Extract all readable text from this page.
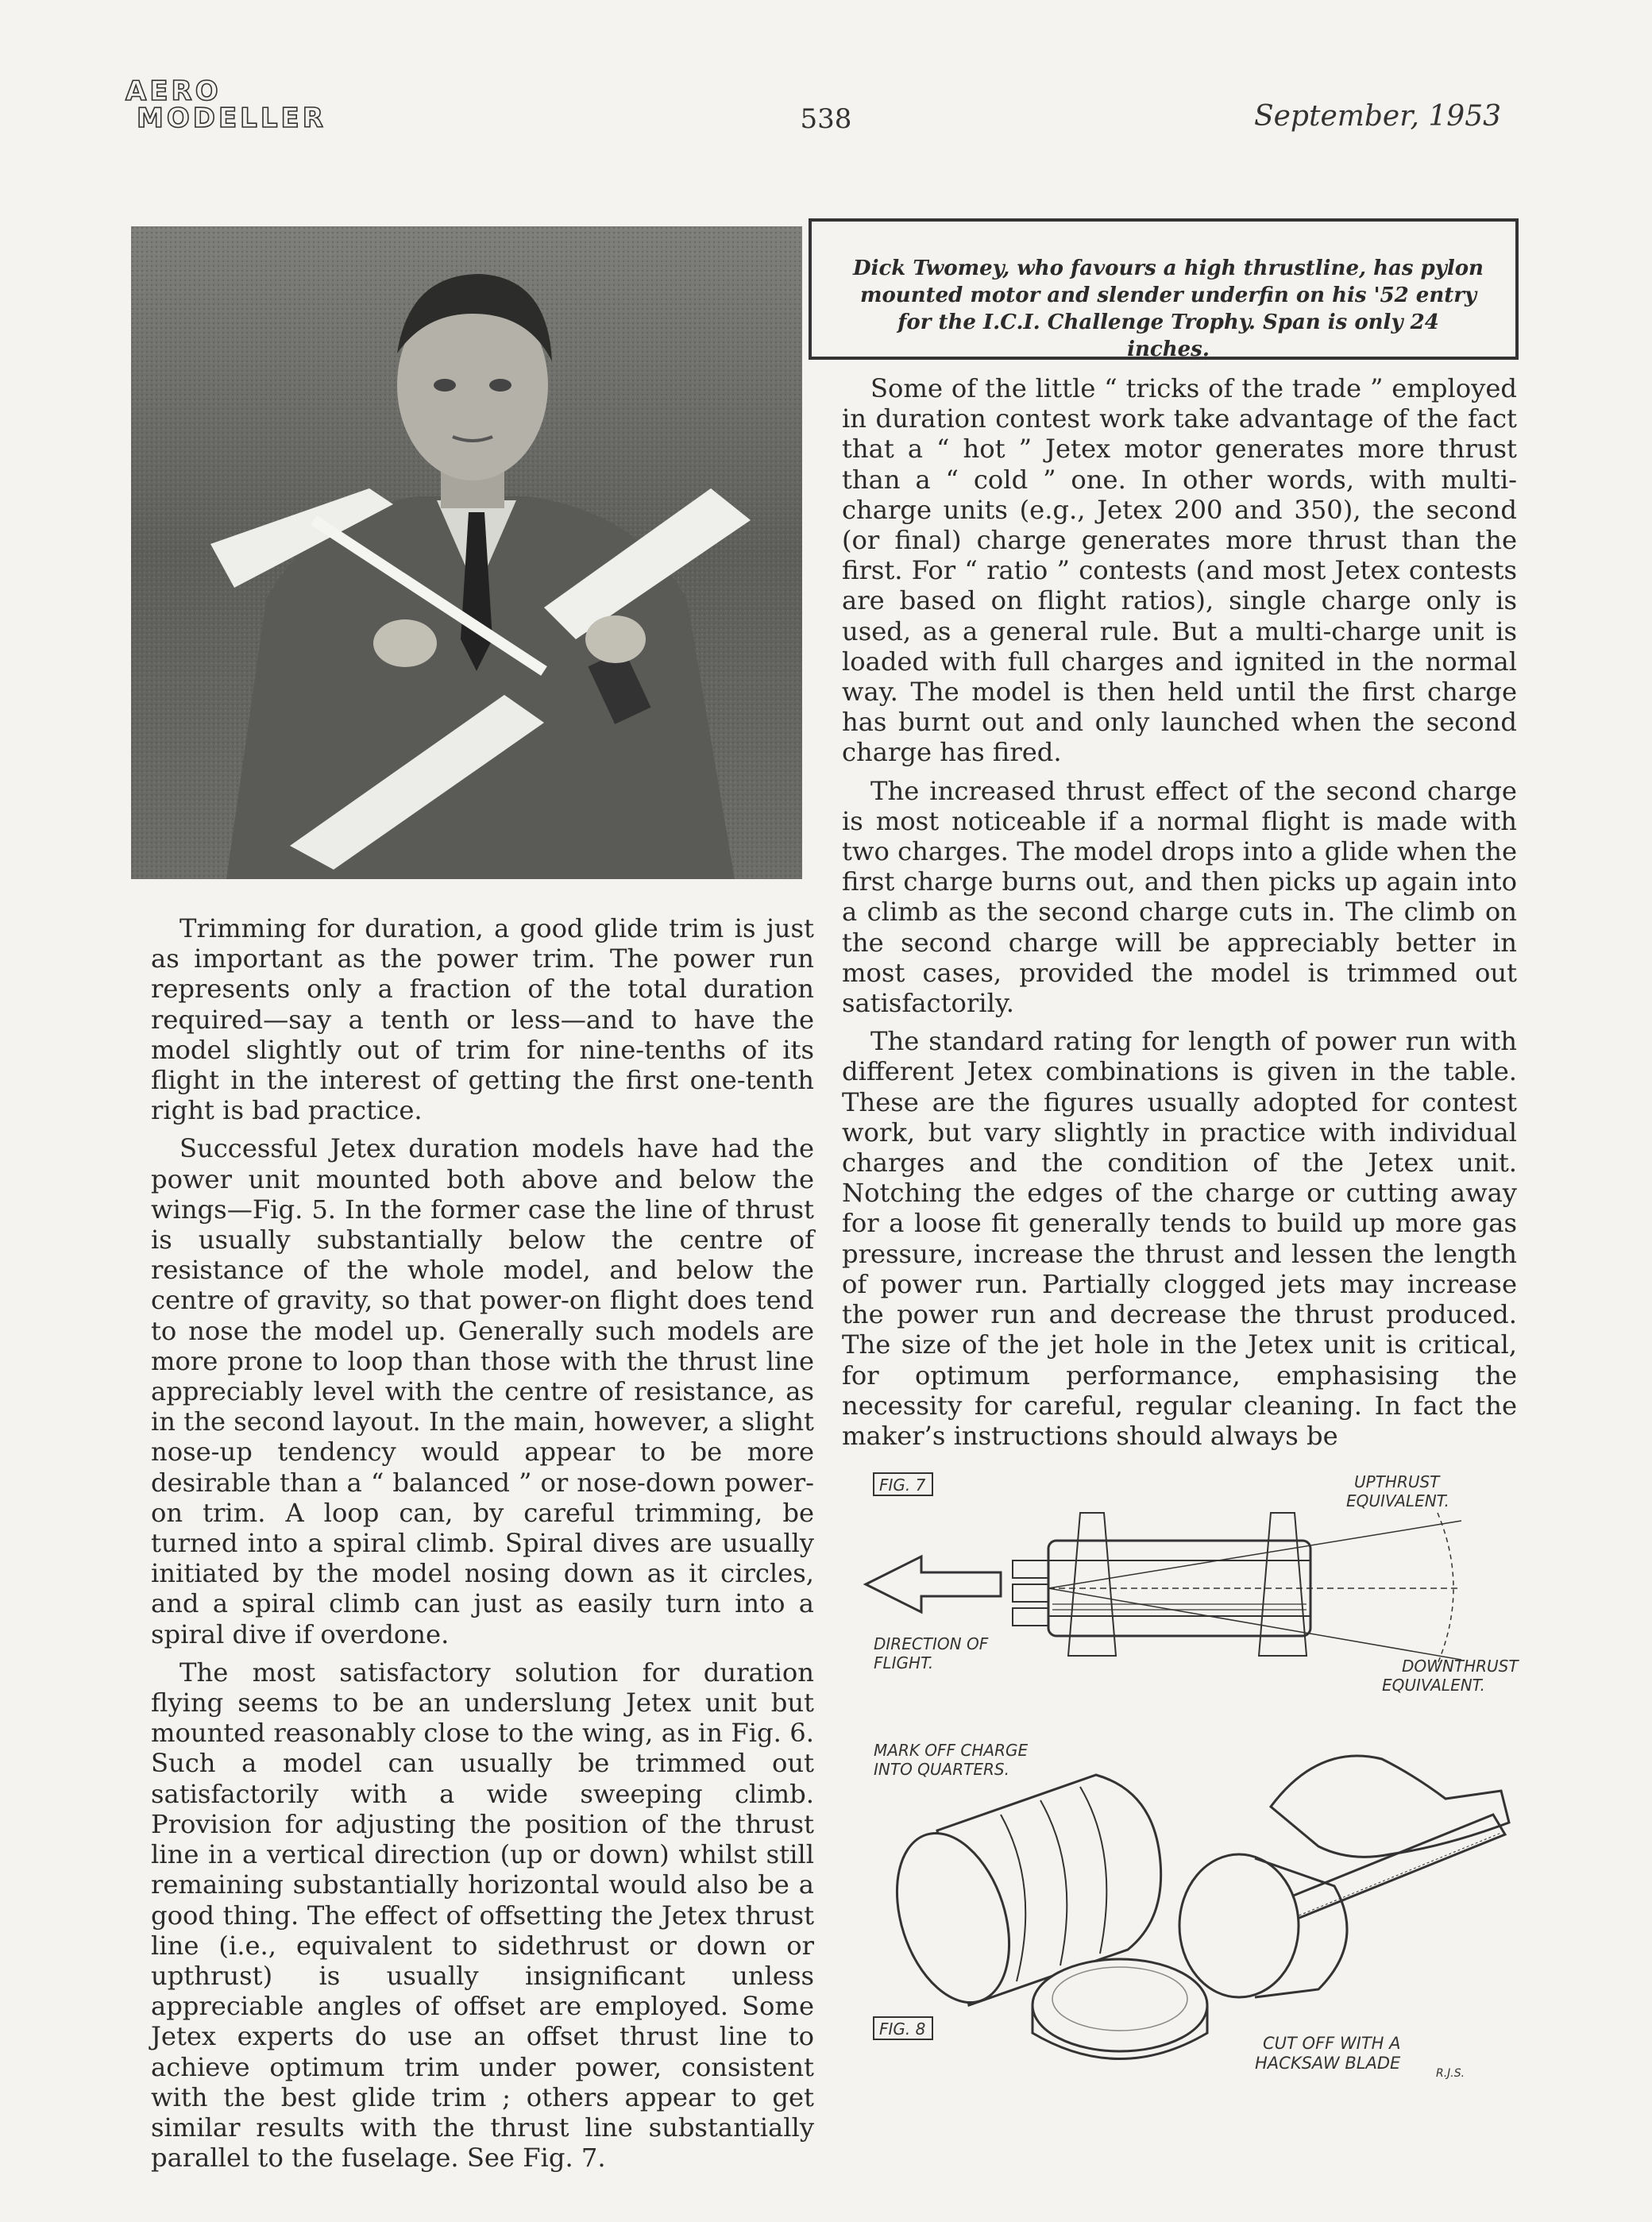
AERO
MODELLER	538	September, 1953
Dick Twomey, who favours a high thrustline, has pylon mounted motor and slender underfin on his '52 entry for the I.C.I. Challenge Trophy. Span is only 24 inches.

Trimming for duration, a good glide trim is just as important as the power trim. The power run represents only a fraction of the total duration required—say a tenth or less—and to have the model slightly out of trim for nine-tenths of its flight in the interest of getting the first one-tenth right is bad practice.

Successful Jetex duration models have had the power unit mounted both above and below the wings—Fig. 5. In the former case the line of thrust is usually substantially below the centre of resistance of the whole model, and below the centre of gravity, so that power-on flight does tend to nose the model up. Generally such models are more prone to loop than those with the thrust line appreciably level with the centre of resistance, as in the second layout. In the main, however, a slight nose-up tendency would appear to be more desirable than a “ balanced ” or nose-down power-on trim. A loop can, by careful trimming, be turned into a spiral climb. Spiral dives are usually initiated by the model nosing down as it circles, and a spiral climb can just as easily turn into a spiral dive if overdone.

The most satisfactory solution for duration flying seems to be an underslung Jetex unit but mounted reasonably close to the wing, as in Fig. 6. Such a model can usually be trimmed out satisfactorily with a wide sweeping climb. Provision for adjusting the position of the thrust line in a vertical direction (up or down) whilst still remaining substantially horizontal would also be a good thing. The effect of offsetting the Jetex thrust line (i.e., equivalent to sidethrust or down or upthrust) is usually insignificant unless appreciable angles of offset are employed. Some Jetex experts do use an offset thrust line to achieve optimum trim under power, consistent with the best glide trim ; others appear to get similar results with the thrust line substantially parallel to the fuselage. See Fig. 7.

Some of the little “ tricks of the trade ” employed in duration contest work take advantage of the fact that a “ hot ” Jetex motor generates more thrust than a “ cold ” one. In other words, with multi-charge units (e.g., Jetex 200 and 350), the second (or final) charge generates more thrust than the first. For “ ratio ” contests (and most Jetex contests are based on flight ratios), single charge only is used, as a general rule. But a multi-charge unit is loaded with full charges and ignited in the normal way. The model is then held until the first charge has burnt out and only launched when the second charge has fired.

The increased thrust effect of the second charge is most noticeable if a normal flight is made with two charges. The model drops into a glide when the first charge burns out, and then picks up again into a climb as the second charge cuts in. The climb on the second charge will be appreciably better in most cases, provided the model is trimmed out satisfactorily.

The standard rating for length of power run with different Jetex combinations is given in the table. These are the figures usually adopted for contest work, but vary slightly in practice with individual charges and the condition of the Jetex unit. Notching the edges of the charge or cutting away for a loose fit generally tends to build up more gas pressure, increase the thrust and lessen the length of power run. Partially clogged jets may increase the power run and decrease the thrust produced. The size of the jet hole in the Jetex unit is critical, for optimum performance, emphasising the necessity for careful, regular cleaning. In fact the maker’s instructions should always be

FIG. 7	UPTHRUST
EQUIVALENT.
DIRECTION OF
FLIGHT.	DOWNTHRUST
EQUIVALENT.
MARK OFF CHARGE
INTO QUARTERS.
FIG. 8
CUT OFF WITH A
HACKSAW BLADE
R.J.S.
